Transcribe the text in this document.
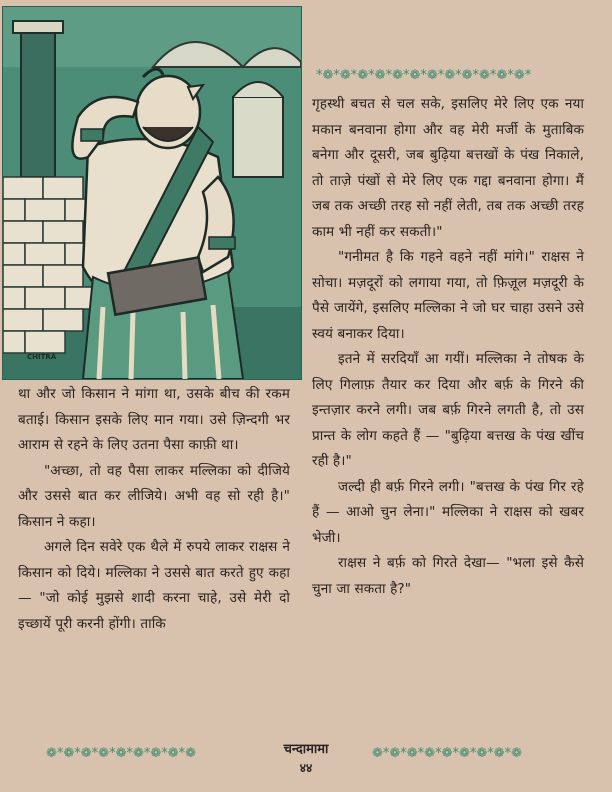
CHITRA
*❁*❁*❁*❁*❁*❁*❁*❁*❁*❁*❁*❁*

था और जो किसान ने मांगा था, उसके बीच की रकम बताई। किसान इसके लिए मान गया। उसे ज़िन्दगी भर आराम से रहने के लिए उतना पैसा काफ़ी था।

"अच्छा, तो वह पैसा लाकर मल्लिका को दीजिये और उससे बात कर लीजिये। अभी वह सो रही है।" किसान ने कहा।

अगले दिन सवेरे एक थैले में रुपये लाकर राक्षस ने किसान को दिये। मल्लिका ने उससे बात करते हुए कहा — "जो कोई मुझसे शादी करना चाहे, उसे मेरी दो इच्छायें पूरी करनी होंगी। ताकि

गृहस्थी बचत से चल सके, इसलिए मेरे लिए एक नया मकान बनवाना होगा और वह मेरी मर्जी के मुताबिक बनेगा और दूसरी, जब बुढ़िया बत्तखों के पंख निकाले, तो ताज़े पंखों से मेरे लिए एक गद्दा बनवाना होगा। मैं जब तक अच्छी तरह सो नहीं लेती, तब तक अच्छी तरह काम भी नहीं कर सकती।"

"गनीमत है कि गहने वहने नहीं मांगे।" राक्षस ने सोचा। मज़दूरों को लगाया गया, तो फ़िज़ूल मज़दूरी के पैसे जायेंगे, इसलिए मल्लिका ने जो घर चाहा उसने उसे स्वयं बनाकर दिया।

इतने में सरदियाँ आ गयीं। मल्लिका ने तोषक के लिए गिलाफ़ तैयार कर दिया और बर्फ़ के गिरने की इन्तज़ार करने लगी। जब बर्फ़ गिरने लगती है, तो उस प्रान्त के लोग कहते हैं — "बुढ़िया बत्तख के पंख खींच रही है।"

जल्दी ही बर्फ़ गिरने लगी। "बत्तख के पंख गिर रहे हैं — आओ चुन लेना।" मल्लिका ने राक्षस को खबर भेजी।

राक्षस ने बर्फ़ को गिरते देखा— "भला इसे कैसे चुना जा सकता है?"

❁*❁*❁*❁*❁*❁*❁*❁*❁	चन्दामामा	❁*❁*❁*❁*❁*❁*❁*❁*❁
४४
